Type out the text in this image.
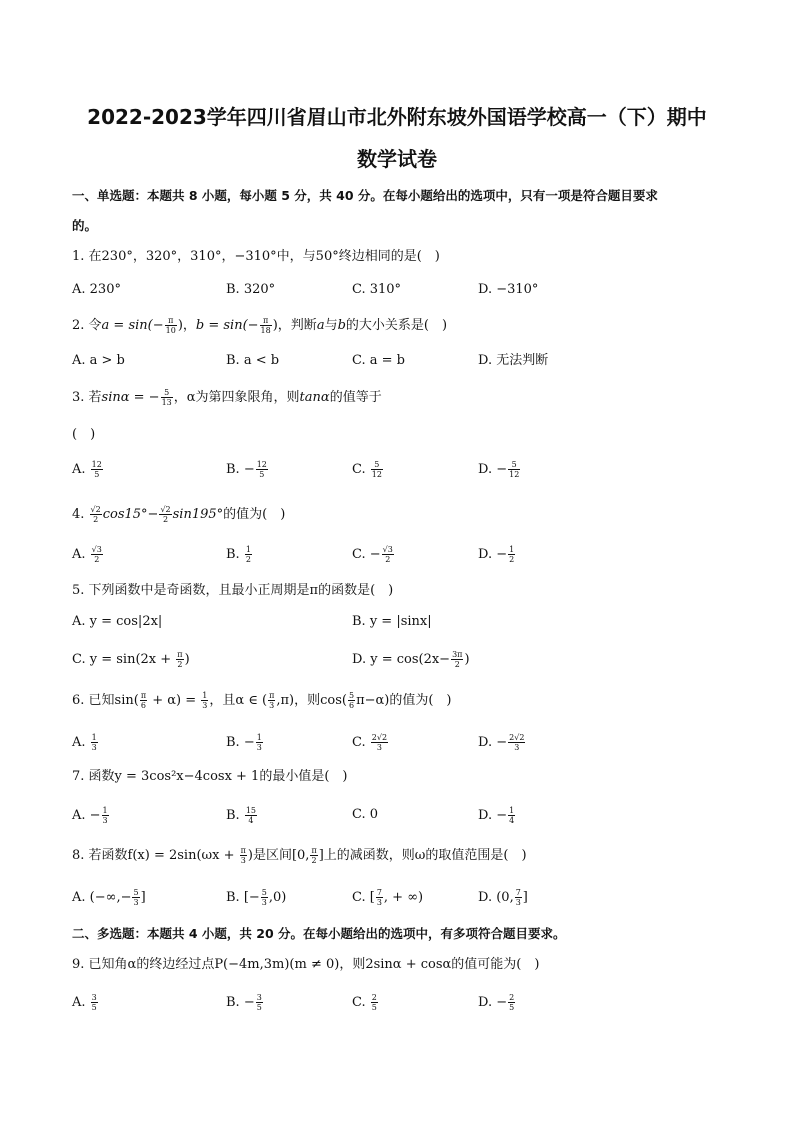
2022-2023学年四川省眉山市北外附东坡外国语学校高一（下）期中
数学试卷
一、单选题：本题共 8 小题，每小题 5 分，共 40 分。在每小题给出的选项中，只有一项是符合题目要求
的。
1. 在230°，320°，310°，−310°中，与50°终边相同的是(　)
A. 230°	B. 320°	C. 310°	D. −310°
2. 令$a = \sin(- \frac{\pi}{10}$ )，$b = \sin(- \frac{\pi}{18}$ )，判断a与b的大小关系是(　)
A. a > b	B. a < b	C. a = b	D. 无法判断
3. 若sinα = − $\frac{5}{13}$ ，α为第四象限角，则tanα的值等于
(　)
A. $\frac{12}{5}$	B. − $\frac{12}{5}$	C. $\frac{5}{12}$	D. − $\frac{5}{12}$
4. $\frac{√2}{2} \cos 15^\circ- \frac{√2}{2} \sin 195^\circ$的值为(　)
A. $\frac{√3}{2}$	B. $\frac{1}{2}$	C. − $\frac{√3}{2}$	D. − $\frac{1}{2}$
5. 下列函数中是奇函数，且最小正周期是π的函数是(　)
A. y = cos|2x|	B. y = |sinx|
C. $y = \sin(2x + \frac{\pi}{2}$ )	D. $y = \cos(2x- \frac{3\pi}{2}$ )
6. 已知$\sin( \frac{\pi}{6} + \alpha) = \frac{1}{3}$ ，且α ∈ ( $\frac{\pi}{3} ,\pi$)，则$\cos( \frac{5}{6} \pi-\alpha)$的值为(　)
A. $\frac{1}{3}$	B. − $\frac{1}{3}$	C. $\frac{2√2}{3}$	D. − $\frac{2√2}{3}$
7. 函数y = 3cos²x−4cosx + 1的最小值是(　)
A. − $\frac{1}{3}$	B. $\frac{15}{4}$	C. 0	D. − $\frac{1}{4}$
8. 若函数$f(x) = 2\sin(\omega x + \frac{\pi}{3}$ )是区间[0, $\frac{\pi}{2}$ ]上的减函数，则ω的取值范围是(　)
A. (−∞,− $\frac{5}{3}$ ]	B. [− $\frac{5}{3} ,0$)	C. [ $\frac{7}{3}$ , + ∞)	D. (0, $\frac{7}{3}$ ]
二、多选题：本题共 4 小题，共 20 分。在每小题给出的选项中，有多项符合题目要求。
9. 已知角α的终边经过点P(−4m,3m)(m ≠ 0)，则2sinα + cosα的值可能为(　)
A. $\frac{3}{5}$	B. − $\frac{3}{5}$	C. $\frac{2}{5}$	D. − $\frac{2}{5}$
